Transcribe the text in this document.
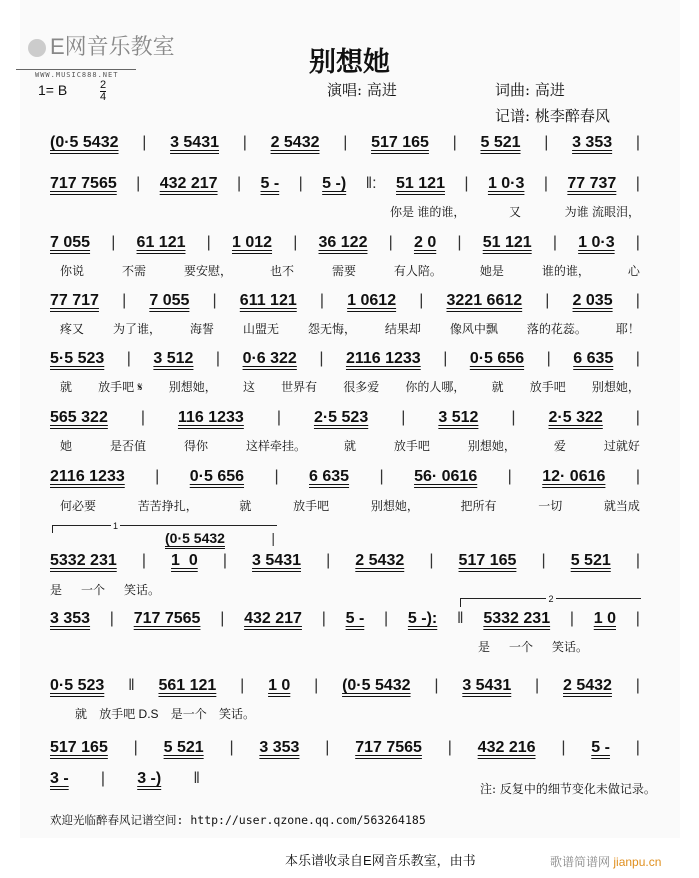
E网音乐教室
WWW.MUSIC888.NET	别想她
1= B	2
4	演唱: 高进	词曲: 高进
记谱: 桃李醉春风
(0·5 5432 | 3 5431 | 2 5432 | 517 165 | 5 521 | 3 353 |
717 7565 | 432 217 | 5 - | 5 -) ‖: 51 121 | 1 0·3 | 77 737 |
你是 谁的谁，	又	为谁 流眼泪，
7 055 | 61 121 | 1 012 | 36 122 | 2 0 | 51 121 | 1 0·3 |
你说	不需	要安慰，	也不	需要	有人陪。	她是	谁的谁，	心
77 717 | 7 055 | 611 121 | 1 0612 | 3221 6612 | 2 035 |
疼又 为了谁， 海誓 山盟无 怨无悔， 结果却 像风中飘 落的花蕊。 耶！
5·5 523 | 3 512 | 0·6 322 | 2116 1233 | 0·5 656 | 6 635 |
就 放手吧 𝄋 别想她， 这 世界有 很多爱 你的人哪， 就 放手吧 别想她，
565 322 | 116 1233 | 2·5 523 | 3 512 | 2·5 322 |
她	是否值	得你	这样牵挂。	就	放手吧	别想她，	爱	过就好
2116 1233 | 0·5 656 | 6 635 | 56· 0616 | 12· 0616 |
何必要	苦苦挣扎，	就	放手吧	别想她，	把所有	一切	就当成
5332 231 | 1  0 | 3 5431 | 2 5432 | 517 165 | 5 521 |
是 一个 笑话。
1
(0·5 5432	|
3 353 | 717 7565 | 432 217 | 5 - | 5 -): ‖ 5332 231 | 1 0 |
是 一个 笑话。
2
0·5 523 ‖ 561 121 | 1 0 | (0·5 5432 | 3 5431 | 2 5432 |
就 放手吧 D.S 是一个 笑话。
517 165 | 5 521 | 3 353 | 717 7565 | 432 216 | 5 - |
3 - | 3 -) ‖
注: 反复中的细节变化未做记录。
欢迎光临醉春风记谱空间: http://user.qzone.qq.com/563264185
本乐谱收录自E网音乐教室，由书	歌谱简谱网 jianpu.cn
